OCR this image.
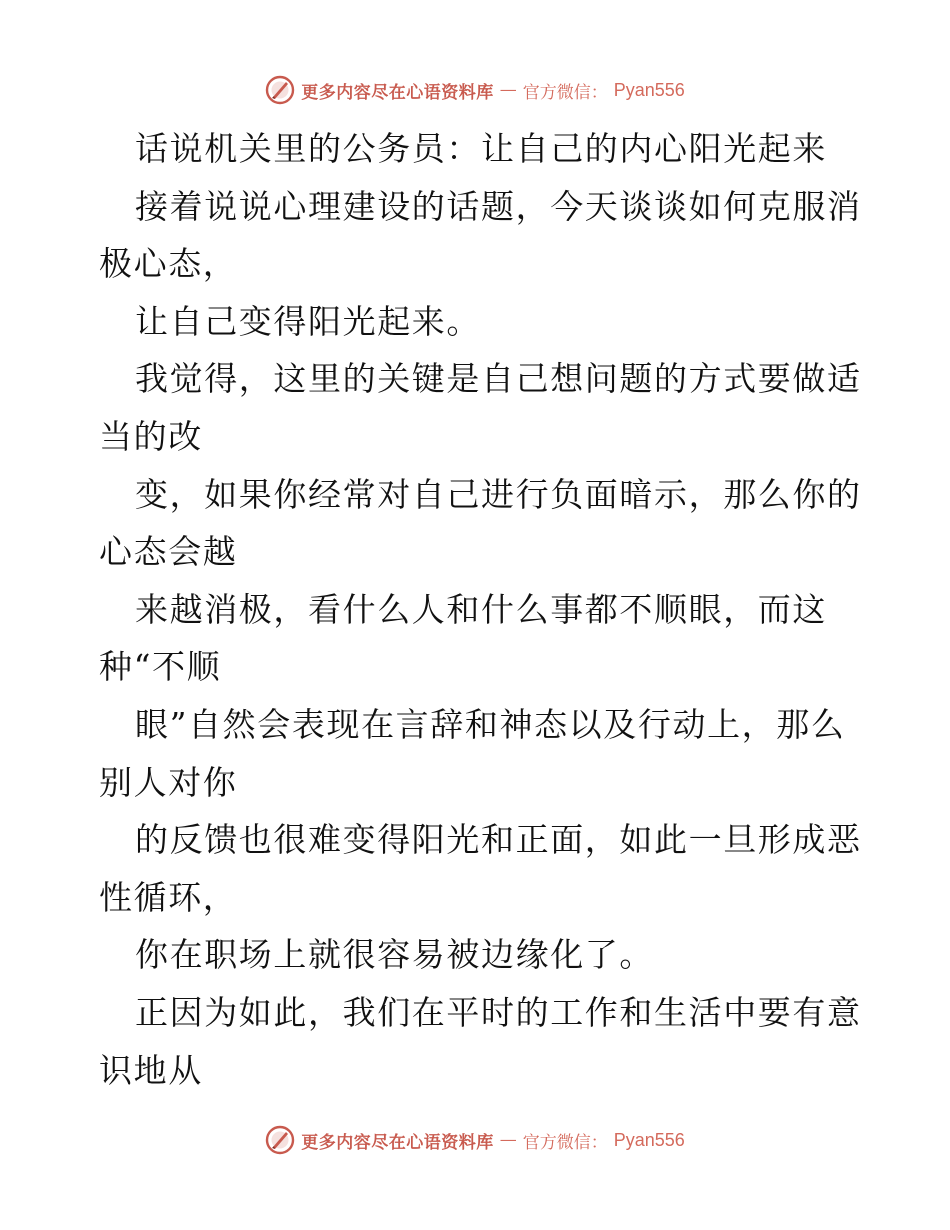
更多内容尽在心语资料库 — 官方微信： Pyan556
话说机关里的公务员：让自己的内心阳光起来
接着说说心理建设的话题，今天谈谈如何克服消
极心态，
让自己变得阳光起来。
我觉得，这里的关键是自己想问题的方式要做适
当的改
变，如果你经常对自己进行负面暗示，那么你的
心态会越
来越消极，看什么人和什么事都不顺眼，而这
种“不顺
眼”自然会表现在言辞和神态以及行动上，那么
别人对你
的反馈也很难变得阳光和正面，如此一旦形成恶
性循环，
你在职场上就很容易被边缘化了。
正因为如此，我们在平时的工作和生活中要有意
识地从
更多内容尽在心语资料库 — 官方微信： Pyan556
